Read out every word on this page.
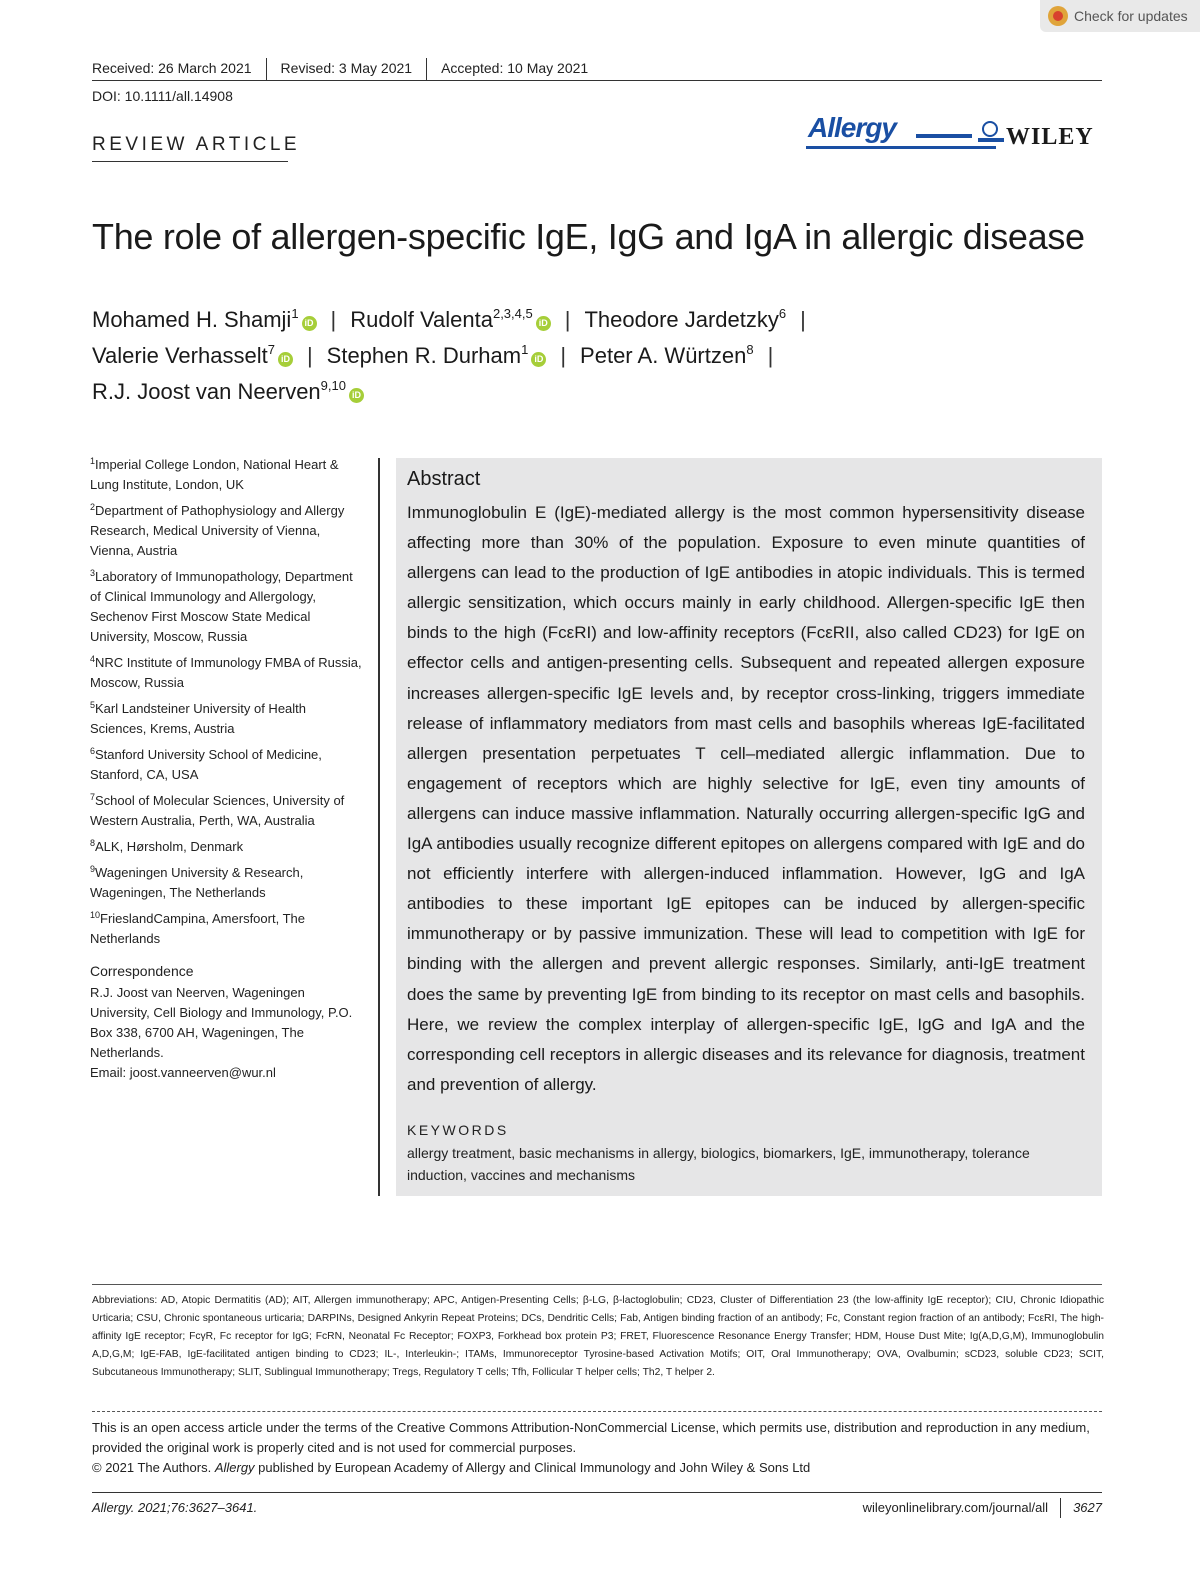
Check for updates
Received: 26 March 2021	Revised: 3 May 2021	Accepted: 10 May 2021
DOI: 10.1111/all.14908
REVIEW ARTICLE
Allergy	WILEY
The role of allergen-specific IgE, IgG and IgA in allergic disease
Mohamed H. Shamji$^1$iD | Rudolf Valenta$^{2,3,4,5}$iD | Theodore Jardetzky$^6$ |
Valerie Verhasselt$^7$iD | Stephen R. Durham$^1$iD | Peter A. Würtzen$^8$ |
R.J. Joost van Neerven$^{9,10}$iD
$^1$Imperial College London, National Heart & Lung Institute, London, UK
$^2$Department of Pathophysiology and Allergy Research, Medical University of Vienna, Vienna, Austria
$^3$Laboratory of Immunopathology, Department of Clinical Immunology and Allergology, Sechenov First Moscow State Medical University, Moscow, Russia
$^4$NRC Institute of Immunology FMBA of Russia, Moscow, Russia
$^5$Karl Landsteiner University of Health Sciences, Krems, Austria
$^6$Stanford University School of Medicine, Stanford, CA, USA
$^7$School of Molecular Sciences, University of Western Australia, Perth, WA, Australia
$^8$ALK, Hørsholm, Denmark
$^9$Wageningen University & Research, Wageningen, The Netherlands
$^{10}$FrieslandCampina, Amersfoort, The Netherlands
Correspondence
R.J. Joost van Neerven, Wageningen University, Cell Biology and Immunology, P.O. Box 338, 6700 AH, Wageningen, The Netherlands.
Email: joost.vanneerven@wur.nl
Abstract
Immunoglobulin E (IgE)-mediated allergy is the most common hypersensitivity disease affecting more than 30% of the population. Exposure to even minute quantities of allergens can lead to the production of IgE antibodies in atopic individuals. This is termed allergic sensitization, which occurs mainly in early childhood. Allergen-specific IgE then binds to the high (FcεRI) and low-affinity receptors (FcεRII, also called CD23) for IgE on effector cells and antigen-presenting cells. Subsequent and repeated allergen exposure increases allergen-specific IgE levels and, by receptor cross-linking, triggers immediate release of inflammatory mediators from mast cells and basophils whereas IgE-facilitated allergen presentation perpetuates T cell–mediated allergic inflammation. Due to engagement of receptors which are highly selective for IgE, even tiny amounts of allergens can induce massive inflammation. Naturally occurring allergen-specific IgG and IgA antibodies usually recognize different epitopes on allergens compared with IgE and do not efficiently interfere with allergen-induced inflammation. However, IgG and IgA antibodies to these important IgE epitopes can be induced by allergen-specific immunotherapy or by passive immunization. These will lead to competition with IgE for binding with the allergen and prevent allergic responses. Similarly, anti-IgE treatment does the same by preventing IgE from binding to its receptor on mast cells and basophils. Here, we review the complex interplay of allergen-specific IgE, IgG and IgA and the corresponding cell receptors in allergic diseases and its relevance for diagnosis, treatment and prevention of allergy.
KEYWORDS
allergy treatment, basic mechanisms in allergy, biologics, biomarkers, IgE, immunotherapy, tolerance induction, vaccines and mechanisms
Abbreviations: AD, Atopic Dermatitis (AD); AIT, Allergen immunotherapy; APC, Antigen-Presenting Cells; β-LG, β-lactoglobulin; CD23, Cluster of Differentiation 23 (the low-affinity IgE receptor); CIU, Chronic Idiopathic Urticaria; CSU, Chronic spontaneous urticaria; DARPINs, Designed Ankyrin Repeat Proteins; DCs, Dendritic Cells; Fab, Antigen binding fraction of an antibody; Fc, Constant region fraction of an antibody; FcεRI, The high-affinity IgE receptor; FcγR, Fc receptor for IgG; FcRN, Neonatal Fc Receptor; FOXP3, Forkhead box protein P3; FRET, Fluorescence Resonance Energy Transfer; HDM, House Dust Mite; Ig(A,D,G,M), Immunoglobulin A,D,G,M; IgE-FAB, IgE-facilitated antigen binding to CD23; IL-, Interleukin-; ITAMs, Immunoreceptor Tyrosine-based Activation Motifs; OIT, Oral Immunotherapy; OVA, Ovalbumin; sCD23, soluble CD23; SCIT, Subcutaneous Immunotherapy; SLIT, Sublingual Immunotherapy; Tregs, Regulatory T cells; Tfh, Follicular T helper cells; Th2, T helper 2.
This is an open access article under the terms of the Creative Commons Attribution-NonCommercial License, which permits use, distribution and reproduction in any medium, provided the original work is properly cited and is not used for commercial purposes.
© 2021 The Authors. Allergy published by European Academy of Allergy and Clinical Immunology and John Wiley & Sons Ltd
Allergy. 2021;76:3627–3641.	wileyonlinelibrary.com/journal/all	3627
